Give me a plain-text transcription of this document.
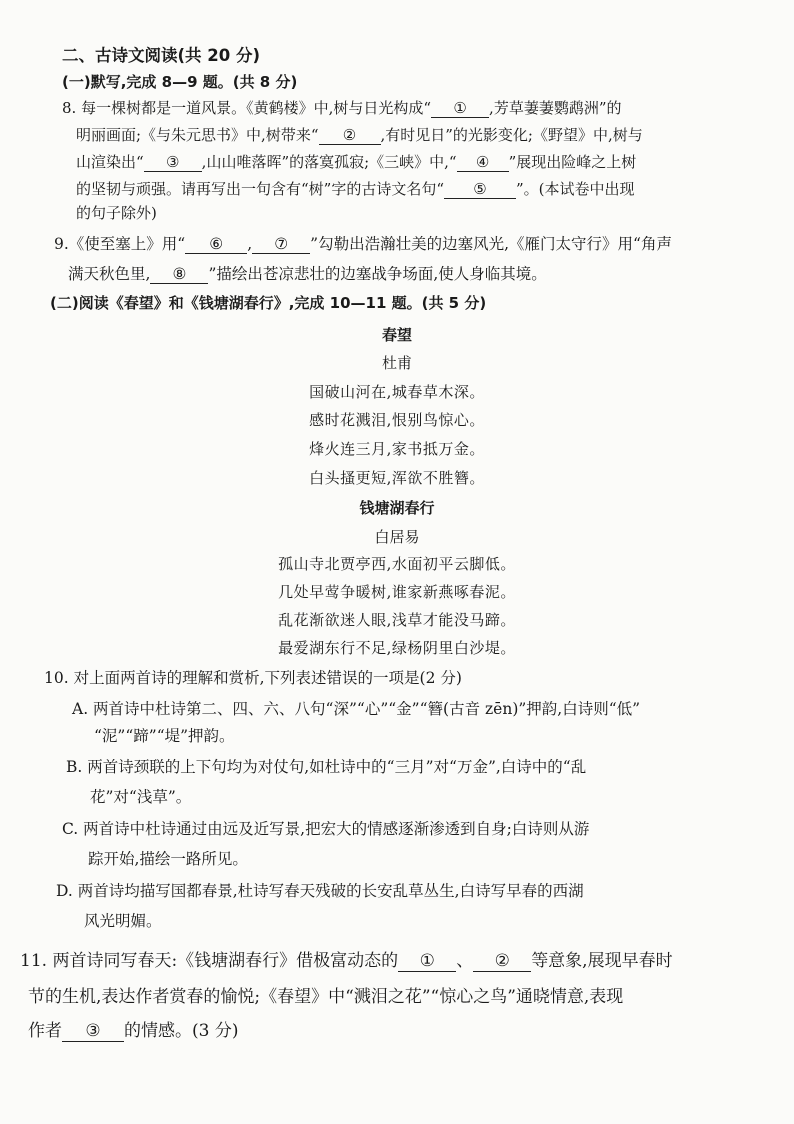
二、古诗文阅读(共 20 分)
(一)默写,完成 8—9 题。(共 8 分)
8. 每一棵树都是一道风景。《黄鹤楼》中,树与日光构成“ ① ,芳草萋萋鹦鹉洲”的
明丽画面;《与朱元思书》中,树带来“ ② ,有时见日”的光影变化;《野望》中,树与
山渲染出“ ③ ,山山唯落晖”的落寞孤寂;《三峡》中,“ ④ ”展现出险峰之上树
的坚韧与顽强。请再写出一句含有“树”字的古诗文名句“ ⑤ ”。(本试卷中出现
的句子除外)
9.《使至塞上》用“ ⑥ , ⑦ ”勾勒出浩瀚壮美的边塞风光,《雁门太守行》用“角声
满天秋色里, ⑧ ”描绘出苍凉悲壮的边塞战争场面,使人身临其境。
(二)阅读《春望》和《钱塘湖春行》,完成 10—11 题。(共 5 分)
春望
杜甫
国破山河在,城春草木深。
感时花溅泪,恨别鸟惊心。
烽火连三月,家书抵万金。
白头搔更短,浑欲不胜簪。
钱塘湖春行
白居易
孤山寺北贾亭西,水面初平云脚低。
几处早莺争暖树,谁家新燕啄春泥。
乱花渐欲迷人眼,浅草才能没马蹄。
最爱湖东行不足,绿杨阴里白沙堤。
10. 对上面两首诗的理解和赏析,下列表述错误的一项是(2 分)
A. 两首诗中杜诗第二、四、六、八句“深”“心”“金”“簪(古音 zēn)”押韵,白诗则“低”
“泥”“蹄”“堤”押韵。
B. 两首诗颈联的上下句均为对仗句,如杜诗中的“三月”对“万金”,白诗中的“乱
花”对“浅草”。
C. 两首诗中杜诗通过由远及近写景,把宏大的情感逐渐渗透到自身;白诗则从游
踪开始,描绘一路所见。
D. 两首诗均描写国都春景,杜诗写春天残破的长安乱草丛生,白诗写早春的西湖
风光明媚。
11. 两首诗同写春天:《钱塘湖春行》借极富动态的 ① 、 ② 等意象,展现早春时
节的生机,表达作者赏春的愉悦;《春望》中“溅泪之花”“惊心之鸟”通晓情意,表现
作者 ③ 的情感。(3 分)
